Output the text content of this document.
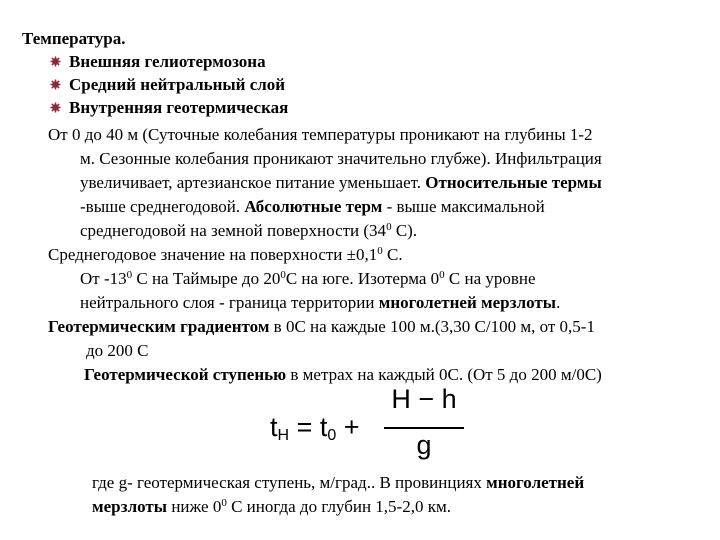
Температура.
Внешняя гелиотермозона
Средний нейтральный слой
Внутренняя геотермическая
От 0 до 40 м (Суточные колебания температуры проникают на глубины 1-2
м. Сезонные колебания проникают значительно глубже). Инфильтрация
увеличивает, артезианское питание уменьшает. Относительные термы
-выше среднегодовой. Абсолютные терм - выше максимальной
среднегодовой на земной поверхности ($34^0$ С).
Среднегодовое значение на поверхности $\pm 0,1^0$ С.
От $-13^0$ С на Таймыре до $20^0С$ на юге. Изотерма $0^0$ С на уровне
нейтрального слоя - граница территории многолетней мерзлоты.
Геотермическим градиентом в 0С на каждые 100 м.(3,30 С/100 м, от 0,5-1
до 200 С
Геотермической ступенью в метрах на каждый 0С. (От 5 до 200 м/0С)
$t_H = t_0$ +
H − h
g
где g- геотермическая ступень, м/град.. В провинциях многолетней
мерзлоты ниже $0^0$ С иногда до глубин 1,5-2,0 км.
